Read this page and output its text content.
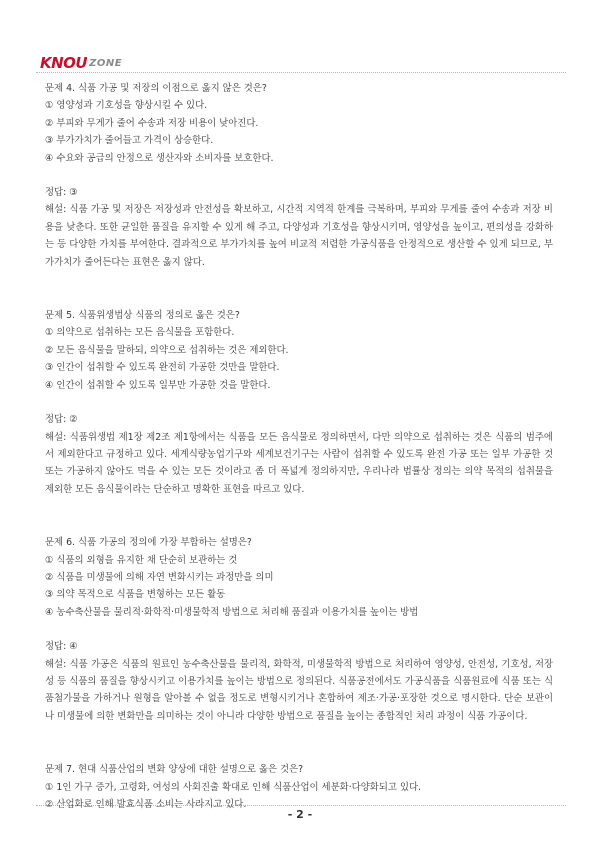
KNOU ZONE

문제 4. 식품 가공 및 저장의 이점으로 옳지 않은 것은?

① 영양성과 기호성을 향상시킬 수 있다.

② 부피와 무게가 줄어 수송과 저장 비용이 낮아진다.

③ 부가가치가 줄어들고 가격이 상승한다.

④ 수요와 공급의 안정으로 생산자와 소비자를 보호한다.

정답: ③

해설: 식품 가공 및 저장은 저장성과 안전성을 확보하고, 시간적 지역적 한계를 극복하며, 부피와 무게를 줄여 수송과 저장 비용을 낮춘다. 또한 균일한 품질을 유지할 수 있게 해 주고, 다양성과 기호성을 향상시키며, 영양성을 높이고, 편의성을 강화하는 등 다양한 가치를 부여한다. 결과적으로 부가가치를 높여 비교적 저렴한 가공식품을 안정적으로 생산할 수 있게 되므로, 부가가치가 줄어든다는 표현은 옳지 않다.

문제 5. 식품위생법상 식품의 정의로 옳은 것은?

① 의약으로 섭취하는 모든 음식물을 포함한다.

② 모든 음식물을 말하되, 의약으로 섭취하는 것은 제외한다.

③ 인간이 섭취할 수 있도록 완전히 가공한 것만을 말한다.

④ 인간이 섭취할 수 있도록 일부만 가공한 것을 말한다.

정답: ②

해설: 식품위생법 제1장 제2조 제1항에서는 식품을 모든 음식물로 정의하면서, 다만 의약으로 섭취하는 것은 식품의 범주에서 제외한다고 규정하고 있다. 세계식량농업기구와 세계보건기구는 사람이 섭취할 수 있도록 완전 가공 또는 일부 가공한 것 또는 가공하지 않아도 먹을 수 있는 모든 것이라고 좀 더 폭넓게 정의하지만, 우리나라 법률상 정의는 의약 목적의 섭취물을 제외한 모든 음식물이라는 단순하고 명확한 표현을 따르고 있다.

문제 6. 식품 가공의 정의에 가장 부합하는 설명은?

① 식품의 외형을 유지한 채 단순히 보관하는 것

② 식품을 미생물에 의해 자연 변화시키는 과정만을 의미

③ 의약 목적으로 식품을 변형하는 모든 활동

④ 농수축산물을 물리적·화학적·미생물학적 방법으로 처리해 품질과 이용가치를 높이는 방법

정답: ④

해설: 식품 가공은 식품의 원료인 농수축산물을 물리적, 화학적, 미생물학적 방법으로 처리하여 영양성, 안전성, 기호성, 저장성 등 식품의 품질을 향상시키고 이용가치를 높이는 방법으로 정의된다. 식품공전에서도 가공식품을 식품원료에 식품 또는 식품첨가물을 가하거나 원형을 알아볼 수 없을 정도로 변형시키거나 혼합하여 제조·가공·포장한 것으로 명시한다. 단순 보관이나 미생물에 의한 변화만을 의미하는 것이 아니라 다양한 방법으로 품질을 높이는 종합적인 처리 과정이 식품 가공이다.

문제 7. 현대 식품산업의 변화 양상에 대한 설명으로 옳은 것은?

① 1인 가구 증가, 고령화, 여성의 사회진출 확대로 인해 식품산업이 세분화·다양화되고 있다.

② 산업화로 인해 발효식품 소비는 사라지고 있다.

- 2 -
